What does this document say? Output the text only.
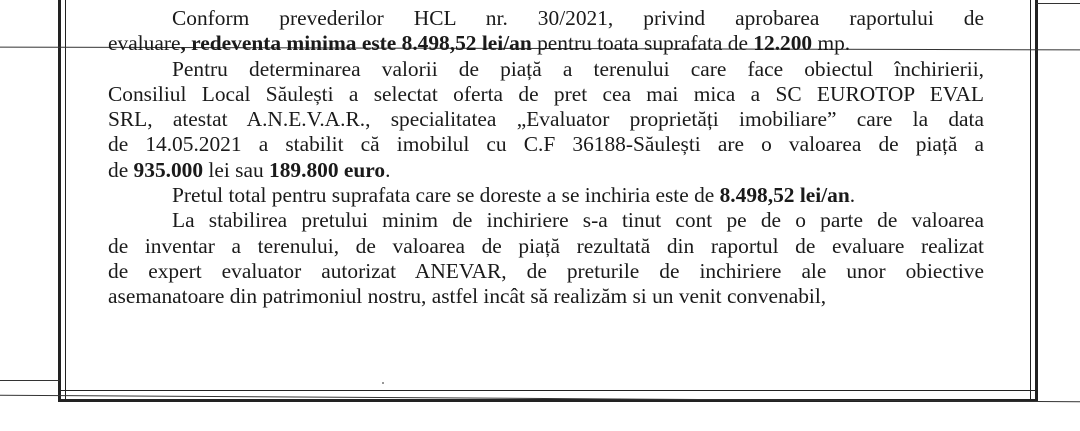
Conform prevederilor HCL nr. 30/2021, privind aprobarea raportului de
evaluare, redeventa minima este 8.498,52 lei/an pentru toata suprafata de 12.200 mp.
Pentru determinarea valorii de piață a terenului care face obiectul închirierii,
Consiliul Local Săulești a selectat oferta de pret cea mai mica a SC EUROTOP EVAL
SRL, atestat A.N.E.V.A.R., specialitatea „Evaluator proprietăți imobiliare” care la data
de 14.05.2021 a stabilit că imobilul cu C.F 36188-Săulești are o valoarea de piață a
de 935.000 lei sau 189.800 euro.
Pretul total pentru suprafata care se doreste a se inchiria este de 8.498,52 lei/an.
La stabilirea pretului minim de inchiriere s-a tinut cont pe de o parte de valoarea
de inventar a terenului, de valoarea de piață rezultată din raportul de evaluare realizat
de expert evaluator autorizat ANEVAR, de preturile de inchiriere ale unor obiective
asemanatoare din patrimoniul nostru, astfel incât să realizăm si un venit convenabil,
